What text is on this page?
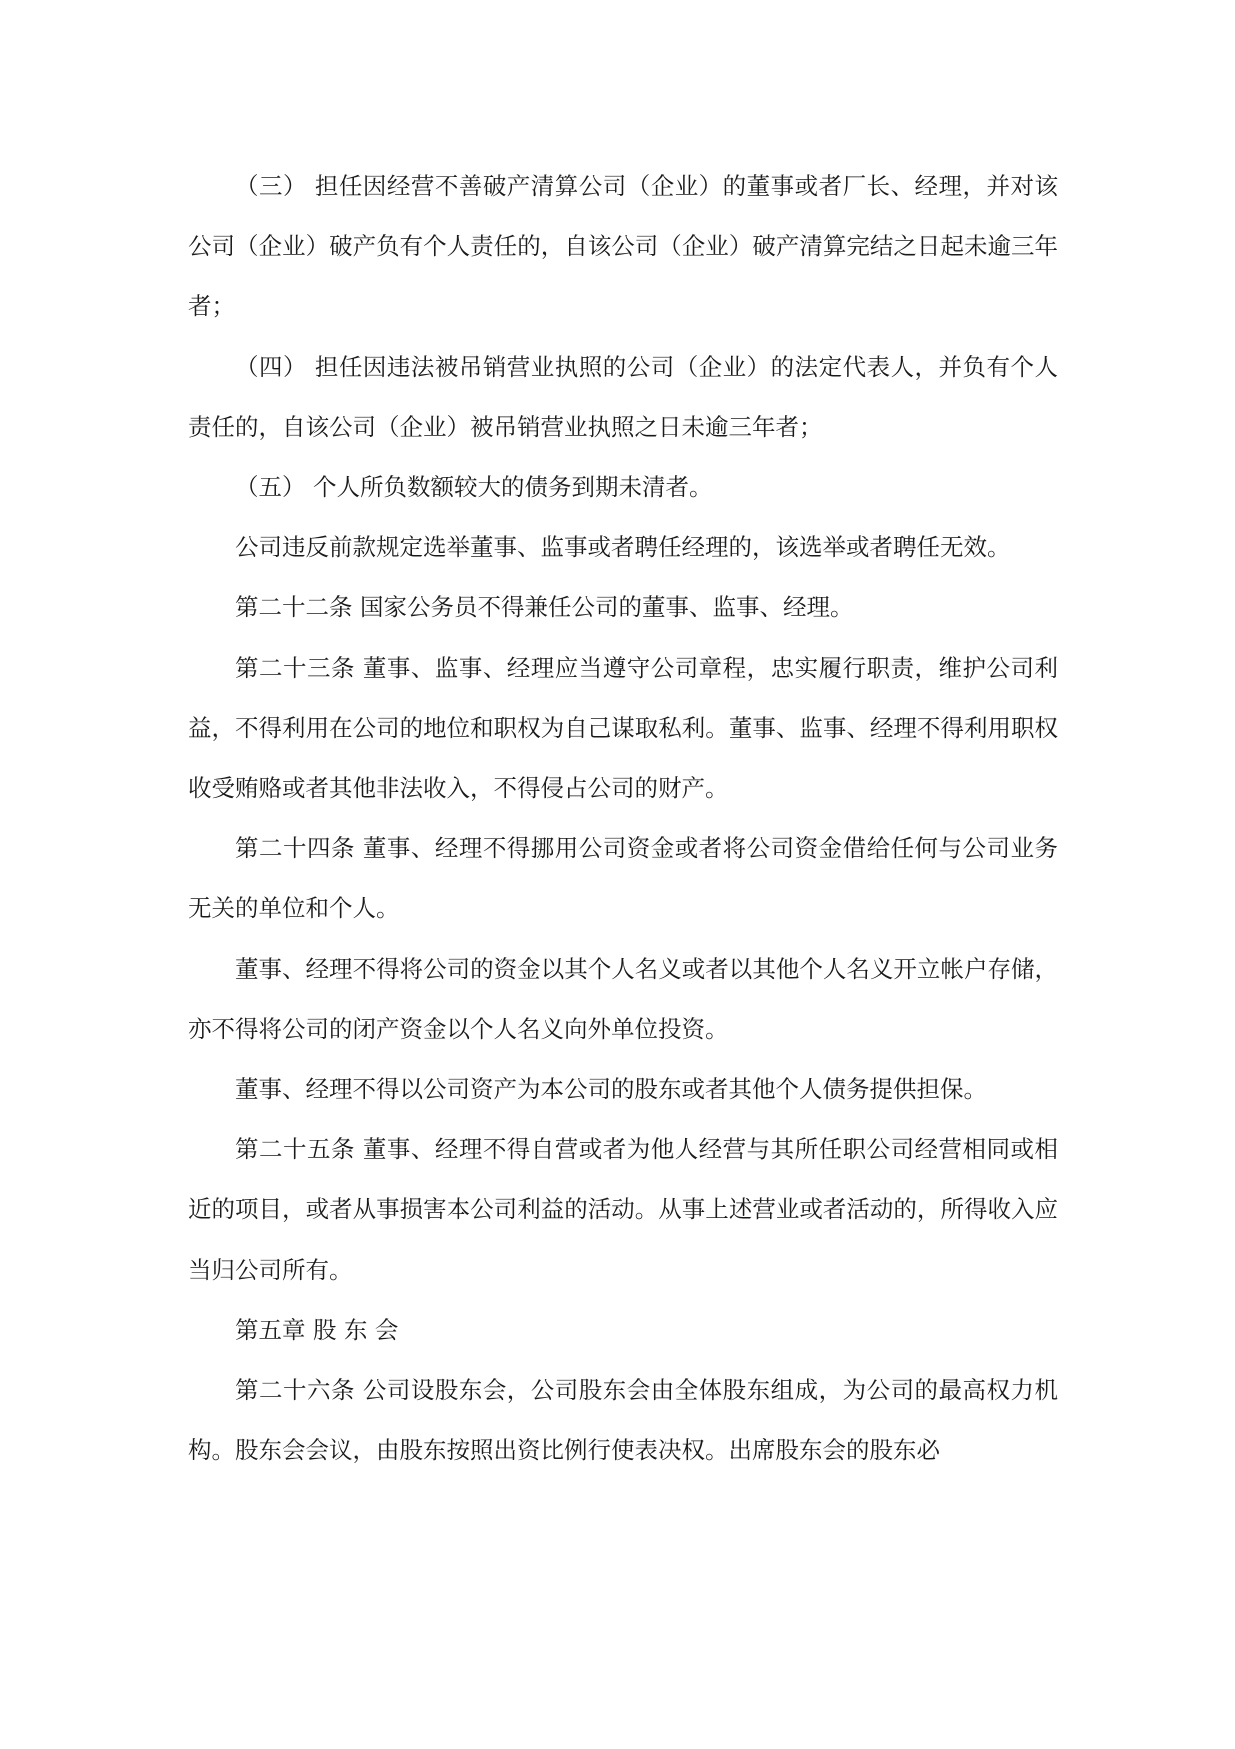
（三） 担任因经营不善破产清算公司（企业）的董事或者厂长、经理，并对该公司（企业）破产负有个人责任的，自该公司（企业）破产清算完结之日起未逾三年者；

（四） 担任因违法被吊销营业执照的公司（企业）的法定代表人，并负有个人责任的，自该公司（企业）被吊销营业执照之日未逾三年者；

（五） 个人所负数额较大的债务到期未清者。

公司违反前款规定选举董事、监事或者聘任经理的，该选举或者聘任无效。

第二十二条 国家公务员不得兼任公司的董事、监事、经理。

第二十三条 董事、监事、经理应当遵守公司章程，忠实履行职责，维护公司利益，不得利用在公司的地位和职权为自己谋取私利。董事、监事、经理不得利用职权收受贿赂或者其他非法收入，不得侵占公司的财产。

第二十四条 董事、经理不得挪用公司资金或者将公司资金借给任何与公司业务无关的单位和个人。

董事、经理不得将公司的资金以其个人名义或者以其他个人名义开立帐户存储，亦不得将公司的闭产资金以个人名义向外单位投资。

董事、经理不得以公司资产为本公司的股东或者其他个人债务提供担保。

第二十五条 董事、经理不得自营或者为他人经营与其所任职公司经营相同或相近的项目，或者从事损害本公司利益的活动。从事上述营业或者活动的，所得收入应当归公司所有。

第五章 股 东 会

第二十六条 公司设股东会，公司股东会由全体股东组成，为公司的最高权力机构。股东会会议，由股东按照出资比例行使表决权。出席股东会的股东必
